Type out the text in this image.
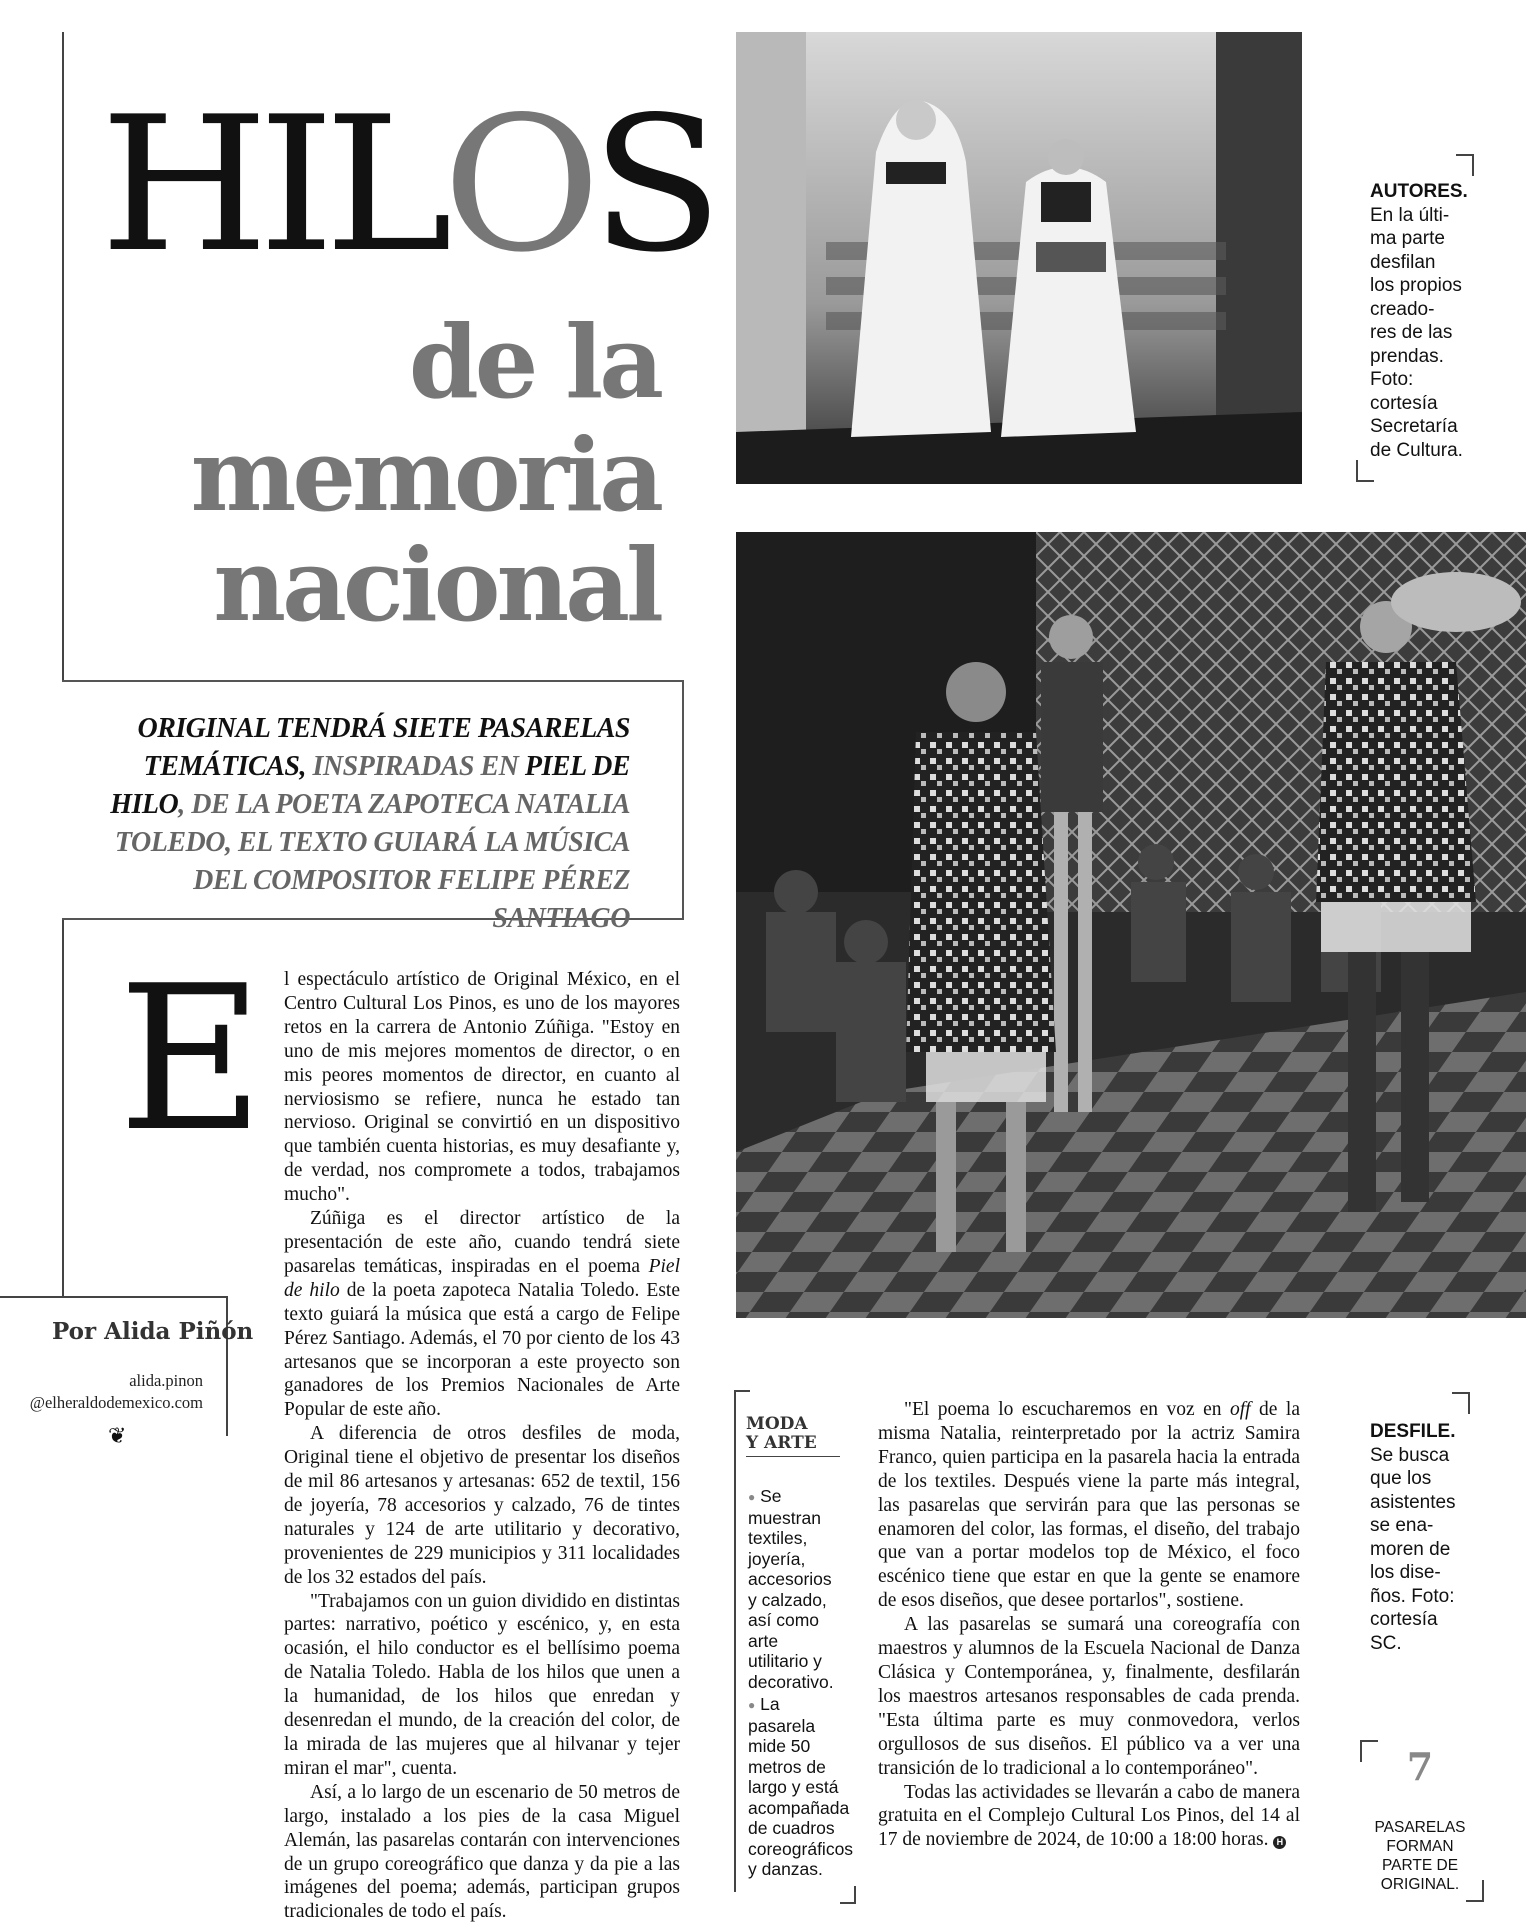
HILOS
de la
memoria
nacional
ORIGINAL TENDRÁ SIETE PASARELAS TEMÁTICAS, INSPIRADAS EN PIEL DE HILO, DE LA POETA ZAPOTECA NATALIA TOLEDO, EL TEXTO GUIARÁ LA MÚSICA DEL COMPOSITOR FELIPE PÉREZ SANTIAGO
AUTORES.
En la últi-
ma parte
desfilan
los propios
creado-
res de las
prendas.
Foto:
cortesía
Secretaría
de Cultura.
DESFILE.
Se busca
que los
asistentes
se ena-
moren de
los dise-
ños. Foto:
cortesía
SC.
E l espectáculo artístico de Original México, en el Centro Cultural Los Pinos, es uno de los mayores retos en la carrera de Antonio Zúñiga. "Estoy en uno de mis mejores momentos de director, o en mis peores momentos de director, en cuanto al nerviosismo se refiere, nunca he estado tan nervioso. Original se convirtió en un dispositivo que también cuenta historias, es muy desafiante y, de verdad, nos compromete a todos, trabajamos mucho".

Zúñiga es el director artístico de la presentación de este año, cuando tendrá siete pasarelas temáticas, inspiradas en el poema Piel de hilo de la poeta zapoteca Natalia Toledo. Este texto guiará la música que está a cargo de Felipe Pérez Santiago. Además, el 70 por ciento de los 43 artesanos que se incorporan a este proyecto son ganadores de los Premios Nacionales de Arte Popular de este año.

A diferencia de otros desfiles de moda, Original tiene el objetivo de presentar los diseños de mil 86 artesanos y artesanas: 652 de textil, 156 de joyería, 78 accesorios y calzado, 76 de tintes naturales y 124 de arte utilitario y decorativo, provenientes de 229 municipios y 311 localidades de los 32 estados del país.

"Trabajamos con un guion dividido en distintas partes: narrativo, poético y escénico, y, en esta ocasión, el hilo conductor es el bellísimo poema de Natalia Toledo. Habla de los hilos que unen a la humanidad, de los hilos que enredan y desenredan el mundo, de la creación del color, de la mirada de las mujeres que al hilvanar y tejer miran el mar", cuenta.

Así, a lo largo de un escenario de 50 metros de largo, instalado a los pies de la casa Miguel Alemán, las pasarelas contarán con intervenciones de un grupo coreográfico que danza y da pie a las imágenes del poema; además, participan grupos tradicionales de todo el país.

Por Alida Piñón
alida.pinon
@elheraldodemexico.com
❦	MODA
Y ARTE
● Se muestran textiles, joyería, accesorios y calzado, así como arte utilitario y decorativo.
● La pasarela mide 50 metros de largo y está acompañada de cuadros coreográficos y danzas.

"El poema lo escucharemos en voz en off de la misma Natalia, reinterpretado por la actriz Samira Franco, quien participa en la pasarela hacia la entrada de los textiles. Después viene la parte más integral, las pasarelas que servirán para que las personas se enamoren del color, las formas, el diseño, del trabajo que van a portar modelos top de México, el foco escénico tiene que estar en que la gente se enamore de esos diseños, que desee portarlos", sostiene.

A las pasarelas se sumará una coreografía con maestros y alumnos de la Escuela Nacional de Danza Clásica y Contemporánea, y, finalmente, desfilarán los maestros artesanos responsables de cada prenda. "Esta última parte es muy conmovedora, verlos orgullosos de sus diseños. El público va a ver una transición de lo tradicional a lo contemporáneo".

Todas las actividades se llevarán a cabo de manera gratuita en el Complejo Cultural Los Pinos, del 14 al 17 de noviembre de 2024, de 10:00 a 18:00 horas. H

7
PASARELAS
FORMAN
PARTE DE
ORIGINAL.
